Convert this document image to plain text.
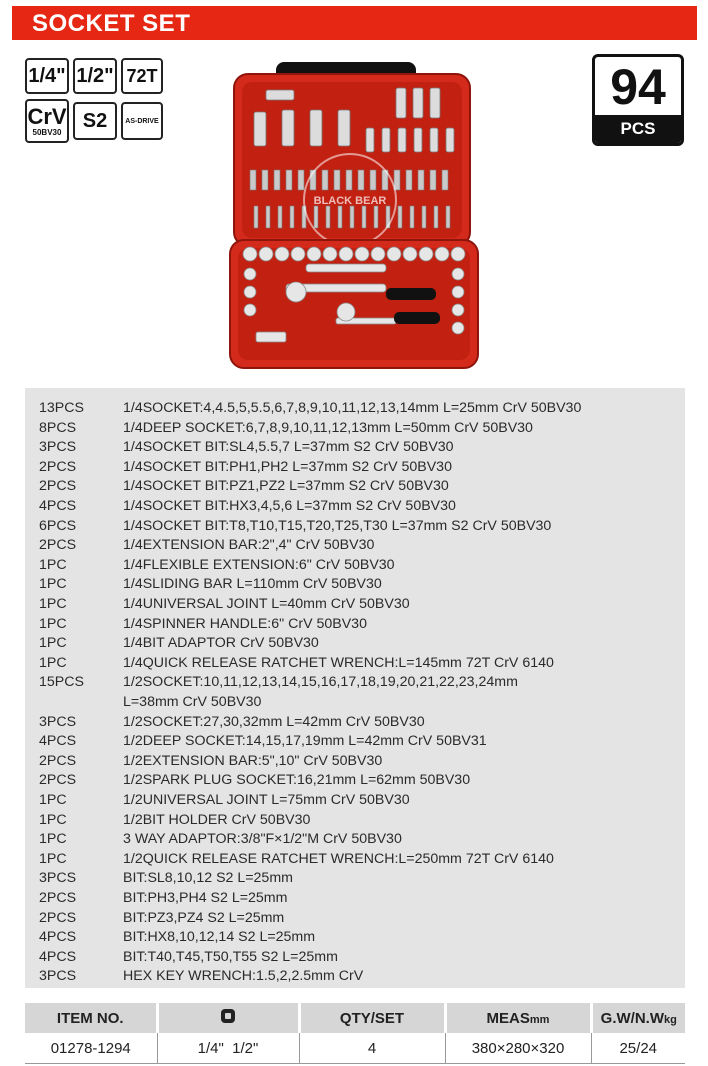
SOCKET SET
1/4" 1/2" 72T
CrV
50BV30
S2	AS-DRIVE
94
PCS
BLACK BEAR
13PCS	1/4SOCKET:4,4.5,5,5.5,6,7,8,9,10,11,12,13,14mm L=25mm CrV 50BV30
8PCS	1/4DEEP SOCKET:6,7,8,9,10,11,12,13mm L=50mm CrV 50BV30
3PCS	1/4SOCKET BIT:SL4,5.5,7 L=37mm S2 CrV 50BV30
2PCS	1/4SOCKET BIT:PH1,PH2 L=37mm S2 CrV 50BV30
2PCS	1/4SOCKET BIT:PZ1,PZ2 L=37mm S2 CrV 50BV30
4PCS	1/4SOCKET BIT:HX3,4,5,6 L=37mm S2 CrV 50BV30
6PCS	1/4SOCKET BIT:T8,T10,T15,T20,T25,T30 L=37mm S2 CrV 50BV30
2PCS	1/4EXTENSION BAR:2",4" CrV 50BV30
1PC	1/4FLEXIBLE EXTENSION:6" CrV 50BV30
1PC	1/4SLIDING BAR L=110mm CrV 50BV30
1PC	1/4UNIVERSAL JOINT L=40mm CrV 50BV30
1PC	1/4SPINNER HANDLE:6" CrV 50BV30
1PC	1/4BIT ADAPTOR CrV 50BV30
1PC	1/4QUICK RELEASE RATCHET WRENCH:L=145mm 72T CrV 6140
15PCS	1/2SOCKET:10,11,12,13,14,15,16,17,18,19,20,21,22,23,24mm
L=38mm CrV 50BV30
3PCS	1/2SOCKET:27,30,32mm L=42mm CrV 50BV30
4PCS	1/2DEEP SOCKET:14,15,17,19mm L=42mm CrV 50BV31
2PCS	1/2EXTENSION BAR:5",10" CrV 50BV30
2PCS	1/2SPARK PLUG SOCKET:16,21mm L=62mm 50BV30
1PC	1/2UNIVERSAL JOINT L=75mm CrV 50BV30
1PC	1/2BIT HOLDER CrV 50BV30
1PC	3 WAY ADAPTOR:3/8"F×1/2"M CrV 50BV30
1PC	1/2QUICK RELEASE RATCHET WRENCH:L=250mm 72T CrV 6140
3PCS	BIT:SL8,10,12 S2 L=25mm
2PCS	BIT:PH3,PH4 S2 L=25mm
2PCS	BIT:PZ3,PZ4 S2 L=25mm
4PCS	BIT:HX8,10,12,14 S2 L=25mm
4PCS	BIT:T40,T45,T50,T55 S2 L=25mm
3PCS	HEX KEY WRENCH:1.5,2,2.5mm CrV
ITEM NO.		QTY/SET	MEASmm	G.W/N.Wkg
01278-1294	1/4"  1/2"	4	380×280×320	25/24
